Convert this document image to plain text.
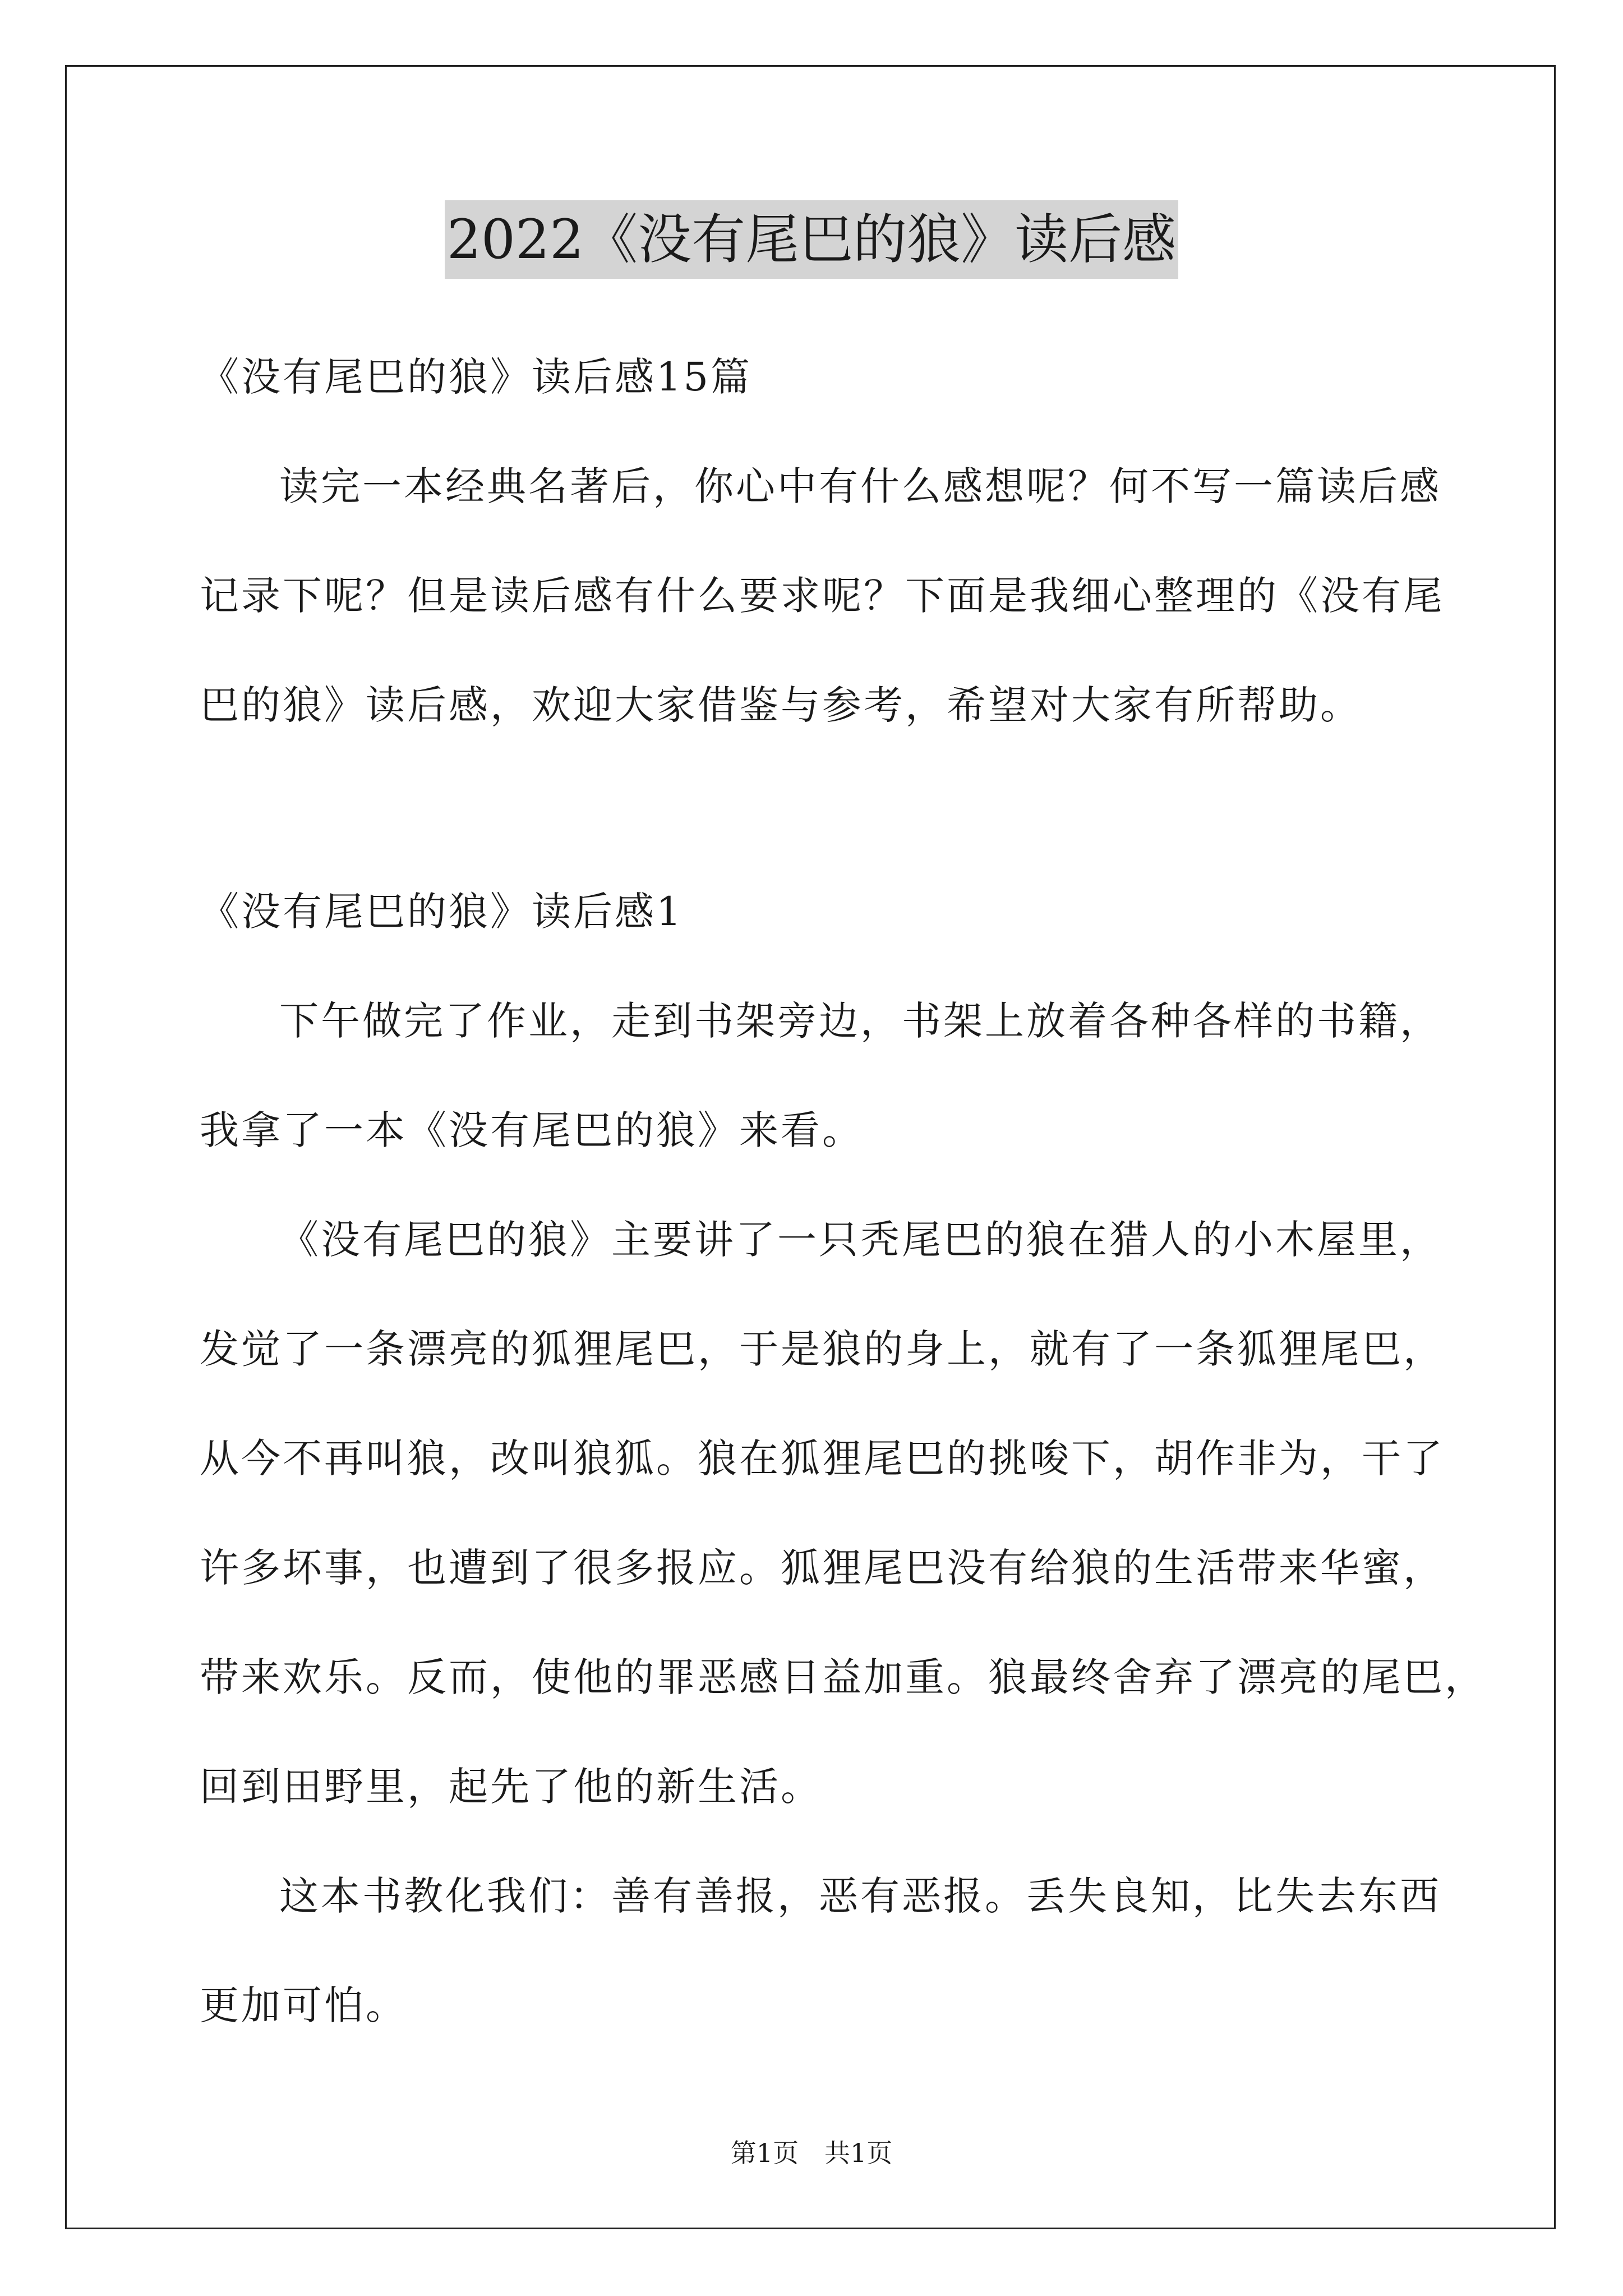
2022《没有尾巴的狼》读后感
《没有尾巴的狼》读后感15篇
读完一本经典名著后，你心中有什么感想呢？何不写一篇读后感
记录下呢？但是读后感有什么要求呢？下面是我细心整理的《没有尾
巴的狼》读后感，欢迎大家借鉴与参考，希望对大家有所帮助。
《没有尾巴的狼》读后感1
下午做完了作业，走到书架旁边，书架上放着各种各样的书籍，
我拿了一本《没有尾巴的狼》来看。
《没有尾巴的狼》主要讲了一只秃尾巴的狼在猎人的小木屋里，
发觉了一条漂亮的狐狸尾巴，于是狼的身上，就有了一条狐狸尾巴，
从今不再叫狼，改叫狼狐。狼在狐狸尾巴的挑唆下，胡作非为，干了
许多坏事，也遭到了很多报应。狐狸尾巴没有给狼的生活带来华蜜，
带来欢乐。反而，使他的罪恶感日益加重。狼最终舍弃了漂亮的尾巴，
回到田野里，起先了他的新生活。
这本书教化我们：善有善报，恶有恶报。丢失良知，比失去东西
更加可怕。
第1页　共1页
